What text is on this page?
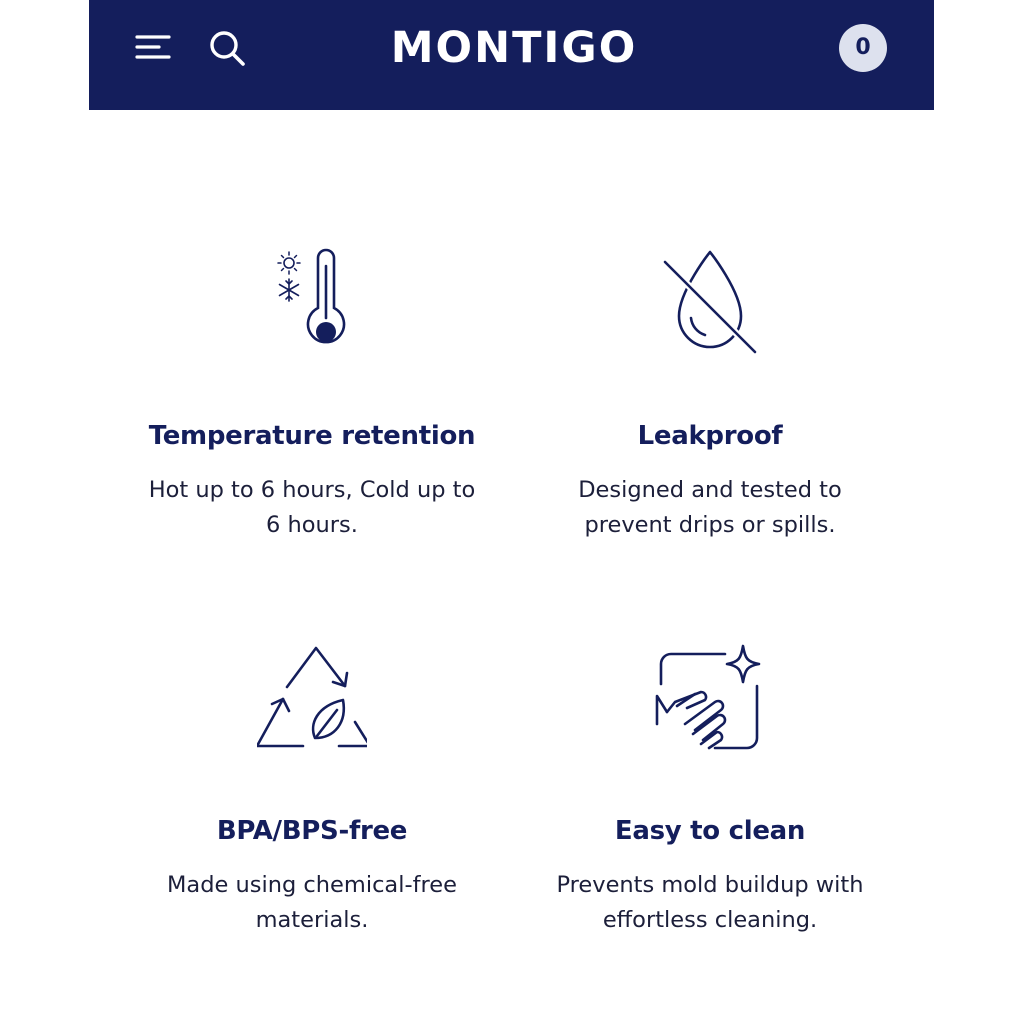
MONTIGO	0
Temperature retention
Hot up to 6 hours, Cold up to
6 hours.
Leakproof
Designed and tested to
prevent drips or spills.
BPA/BPS-free
Made using chemical-free
materials.
Easy to clean
Prevents mold buildup with
effortless cleaning.
